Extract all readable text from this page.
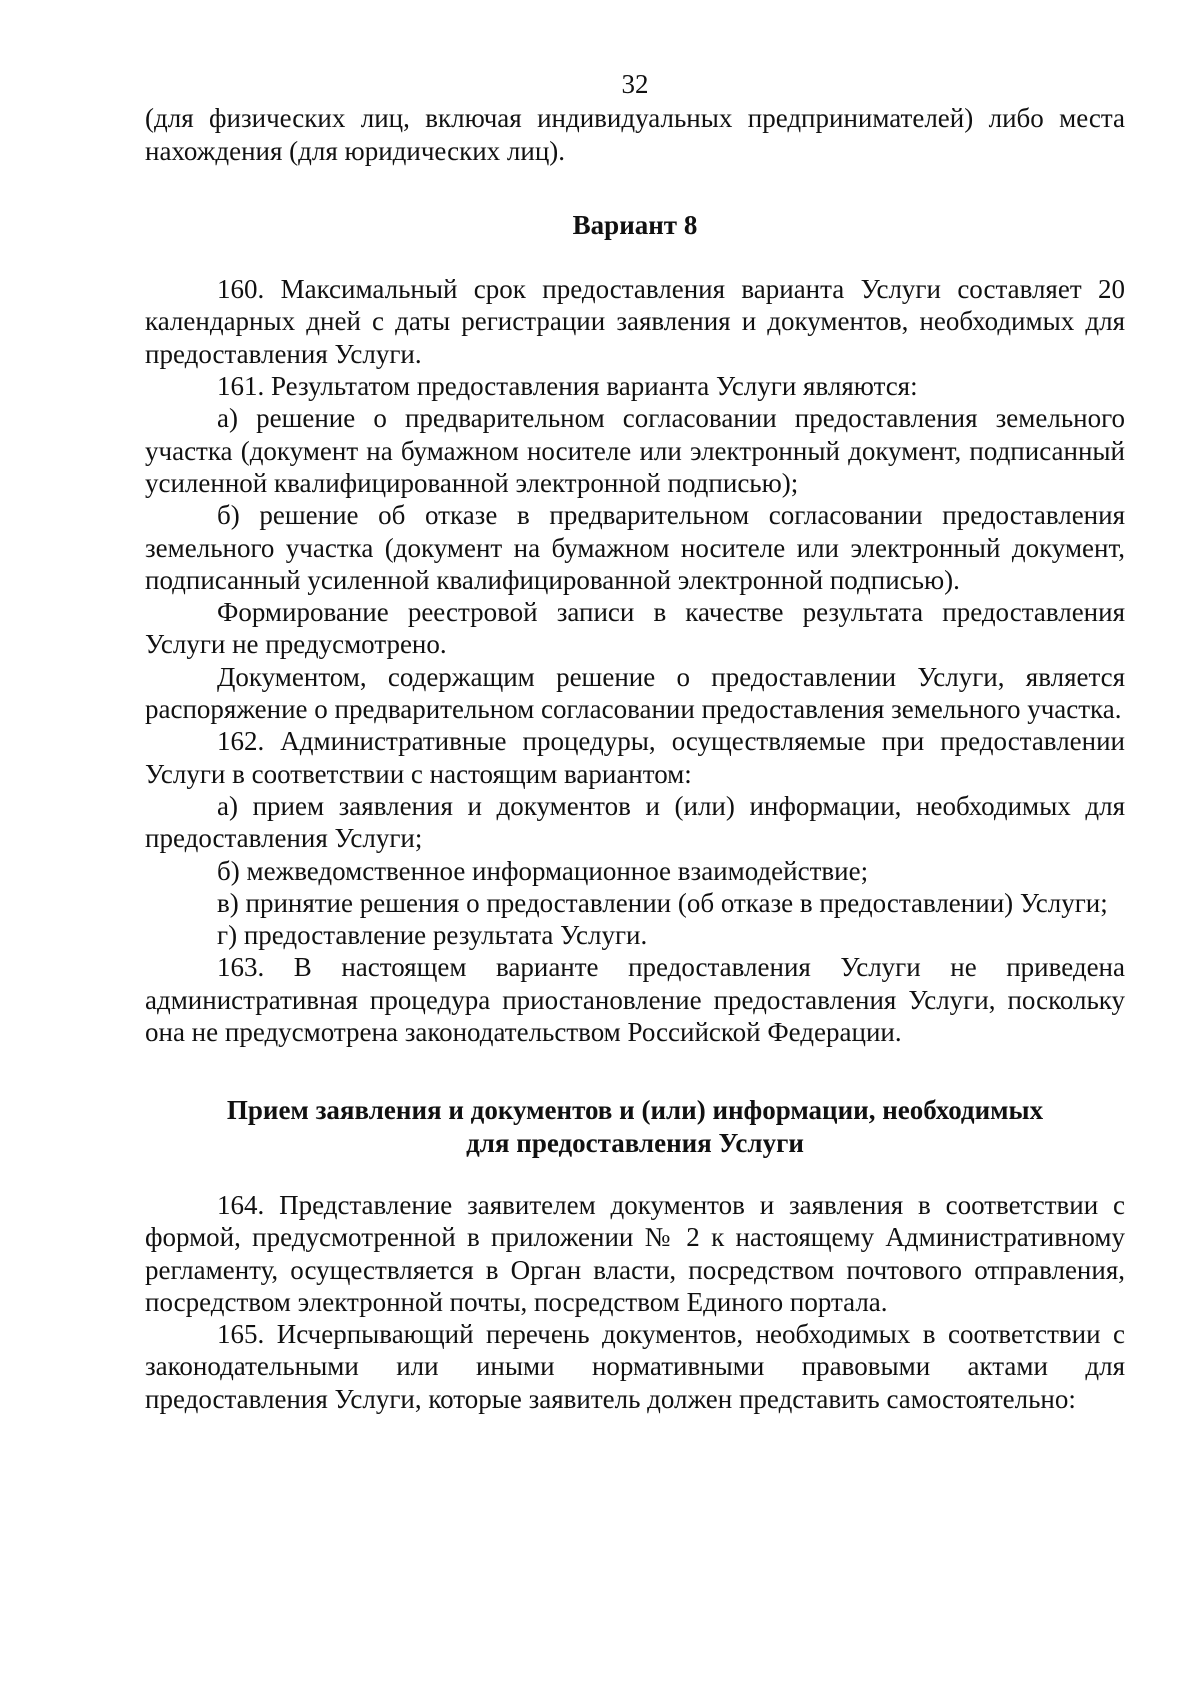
32

(для физических лиц, включая индивидуальных предпринимателей) либо места нахождения (для юридических лиц).

Вариант 8

160. Максимальный срок предоставления варианта Услуги составляет 20 календарных дней с даты регистрации заявления и документов, необходимых для предоставления Услуги.

161. Результатом предоставления варианта Услуги являются:

а) решение о предварительном согласовании предоставления земельного участка (документ на бумажном носителе или электронный документ, подписанный усиленной квалифицированной электронной подписью);

б) решение об отказе в предварительном согласовании предоставления земельного участка (документ на бумажном носителе или электронный документ, подписанный усиленной квалифицированной электронной подписью).

Формирование реестровой записи в качестве результата предоставления Услуги не предусмотрено.

Документом, содержащим решение о предоставлении Услуги, является распоряжение о предварительном согласовании предоставления земельного участка.

162. Административные процедуры, осуществляемые при предоставлении Услуги в соответствии с настоящим вариантом:

а) прием заявления и документов и (или) информации, необходимых для предоставления Услуги;

б) межведомственное информационное взаимодействие;

в) принятие решения о предоставлении (об отказе в предоставлении) Услуги;

г) предоставление результата Услуги.

163. В настоящем варианте предоставления Услуги не приведена административная процедура приостановление предоставления Услуги, поскольку она не предусмотрена законодательством Российской Федерации.

Прием заявления и документов и (или) информации, необходимых
для предоставления Услуги

164. Представление заявителем документов и заявления в соответствии с формой, предусмотренной в приложении № 2 к настоящему Административному регламенту, осуществляется в Орган власти, посредством почтового отправления, посредством электронной почты, посредством Единого портала.

165. Исчерпывающий перечень документов, необходимых в соответствии с законодательными или иными нормативными правовыми актами для предоставления Услуги, которые заявитель должен представить самостоятельно:
